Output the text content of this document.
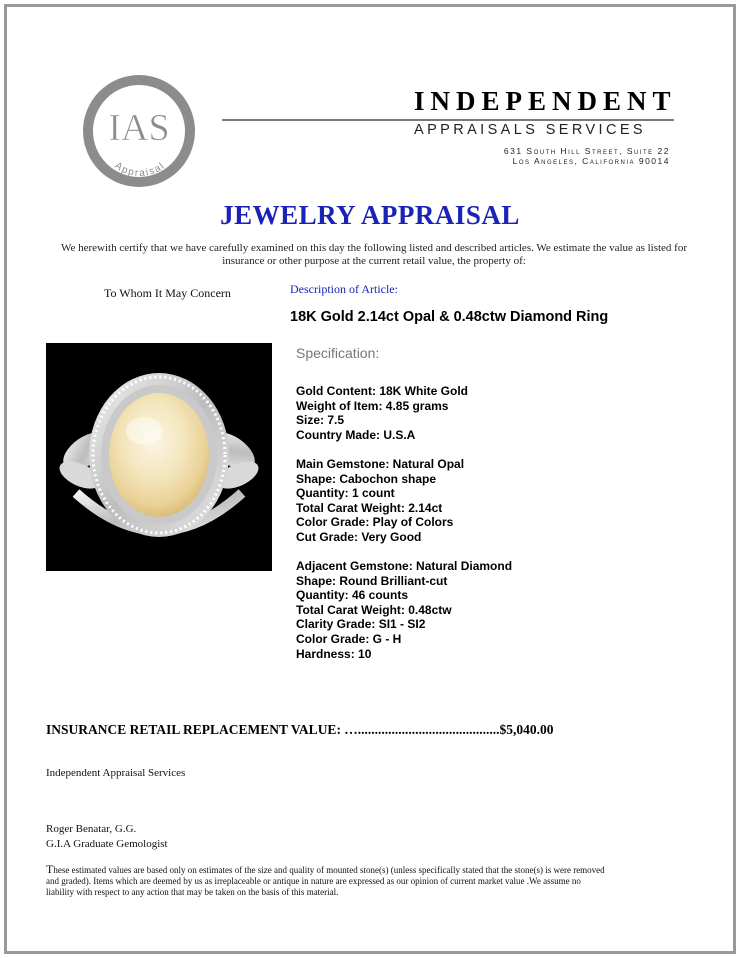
IAS
Appraisal
INDEPENDENT
APPRAISALS SERVICES
631 South Hill Street, Suite 22
Los Angeles, California 90014
JEWELRY APPRAISAL
We herewith certify that we have carefully examined on this day the following listed and described articles. We estimate the value as listed for insurance or other purpose at the current retail value, the property of:
To Whom It May Concern	Description of Article:
18K Gold 2.14ct Opal & 0.48ctw Diamond Ring
Specification:
Gold Content: 18K White Gold
Weight of Item: 4.85 grams
Size: 7.5
Country Made: U.S.A
Main Gemstone: Natural Opal
Shape: Cabochon shape
Quantity: 1 count
Total Carat Weight: 2.14ct
Color Grade: Play of Colors
Cut Grade: Very Good
Adjacent Gemstone: Natural Diamond
Shape: Round Brilliant-cut
Quantity: 46 counts
Total Carat Weight: 0.48ctw
Clarity Grade: SI1 - SI2
Color Grade: G - H
Hardness: 10
INSURANCE RETAIL REPLACEMENT VALUE: …..........................................$5,040.00
Independent Appraisal Services
Roger Benatar, G.G.
G.I.A Graduate Gemologist
These estimated values are based only on estimates of the size and quality of mounted stone(s) (unless specifically stated that the stone(s) is were removed and graded). Items which are deemed by us as irreplaceable or antique in nature are expressed as our opinion of current market value .We assume no liability with respect to any action that may be taken on the basis of this material.
